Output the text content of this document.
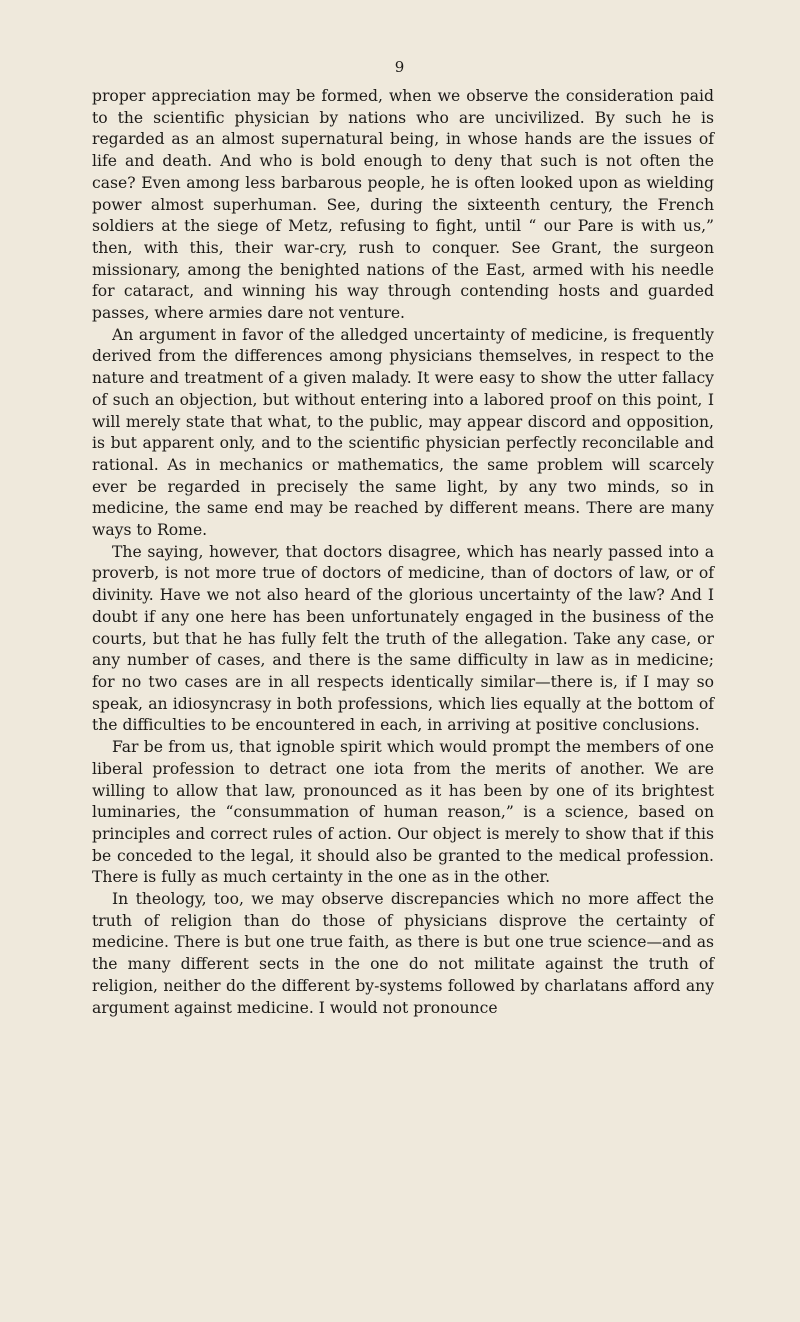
9

proper appreciation may be formed, when we observe the consideration paid to the scientific physician by nations who are uncivilized. By such he is regarded as an almost supernatural being, in whose hands are the issues of life and death. And who is bold enough to deny that such is not often the case? Even among less barbarous people, he is often looked upon as wielding power almost superhuman. See, during the sixteenth century, the French soldiers at the siege of Metz, refusing to fight, until “ our Pare is with us,” then, with this, their war-cry, rush to conquer. See Grant, the surgeon missionary, among the benighted nations of the East, armed with his needle for cataract, and winning his way through contending hosts and guarded passes, where armies dare not venture.

An argument in favor of the alledged uncertainty of medicine, is frequently derived from the differences among physicians themselves, in respect to the nature and treatment of a given malady. It were easy to show the utter fallacy of such an objection, but without entering into a labored proof on this point, I will merely state that what, to the public, may appear discord and opposition, is but apparent only, and to the scientific physician perfectly reconcilable and rational. As in mechanics or mathematics, the same problem will scarcely ever be regarded in precisely the same light, by any two minds, so in medicine, the same end may be reached by different means. There are many ways to Rome.

The saying, however, that doctors disagree, which has nearly passed into a proverb, is not more true of doctors of medicine, than of doctors of law, or of divinity. Have we not also heard of the glorious uncertainty of the law? And I doubt if any one here has been unfortunately engaged in the business of the courts, but that he has fully felt the truth of the allegation. Take any case, or any number of cases, and there is the same difficulty in law as in medicine; for no two cases are in all respects identically similar—there is, if I may so speak, an idiosyncrasy in both professions, which lies equally at the bottom of the difficulties to be encountered in each, in arriving at positive conclusions.

Far be from us, that ignoble spirit which would prompt the members of one liberal profession to detract one iota from the merits of another. We are willing to allow that law, pronounced as it has been by one of its brightest luminaries, the “consummation of human reason,” is a science, based on principles and correct rules of action. Our object is merely to show that if this be conceded to the legal, it should also be granted to the medical profession. There is fully as much certainty in the one as in the other.

In theology, too, we may observe discrepancies which no more affect the truth of religion than do those of physicians disprove the certainty of medicine. There is but one true faith, as there is but one true science—and as the many different sects in the one do not militate against the truth of religion, neither do the different by-systems followed by charlatans afford any argument against medicine. I would not pronounce
